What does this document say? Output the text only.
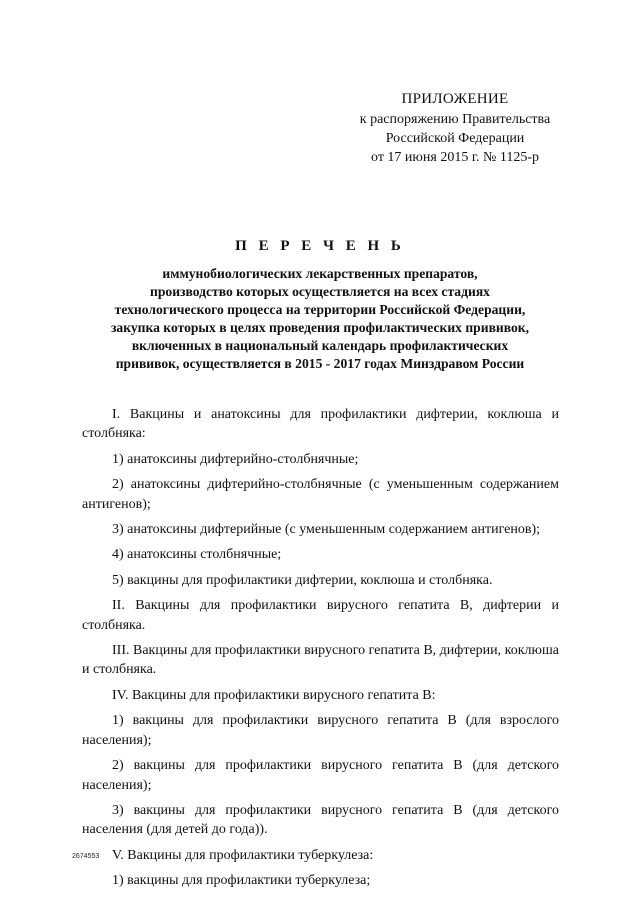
ПРИЛОЖЕНИЕ
к распоряжению Правительства
Российской Федерации
от 17 июня 2015 г. № 1125-р
П Е Р Е Ч Е Н Ь
иммунобиологических лекарственных препаратов,
производство которых осуществляется на всех стадиях
технологического процесса на территории Российской Федерации,
закупка которых в целях проведения профилактических прививок,
включенных в национальный календарь профилактических
прививок, осуществляется в 2015 - 2017 годах Минздравом России

I. Вакцины и анатоксины для профилактики дифтерии, коклюша и столбняка:

1) анатоксины дифтерийно-столбнячные;

2) анатоксины дифтерийно-столбнячные (с уменьшенным содержанием антигенов);

3) анатоксины дифтерийные (с уменьшенным содержанием антигенов);

4) анатоксины столбнячные;

5) вакцины для профилактики дифтерии, коклюша и столбняка.

II. Вакцины для профилактики вирусного гепатита В, дифтерии и столбняка.

III. Вакцины для профилактики вирусного гепатита В, дифтерии, коклюша и столбняка.

IV. Вакцины для профилактики вирусного гепатита В:

1) вакцины для профилактики вирусного гепатита В (для взрослого населения);

2) вакцины для профилактики вирусного гепатита В (для детского населения);

3) вакцины для профилактики вирусного гепатита В (для детского населения (для детей до года)).

V. Вакцины для профилактики туберкулеза:

1) вакцины для профилактики туберкулеза;

2674553
